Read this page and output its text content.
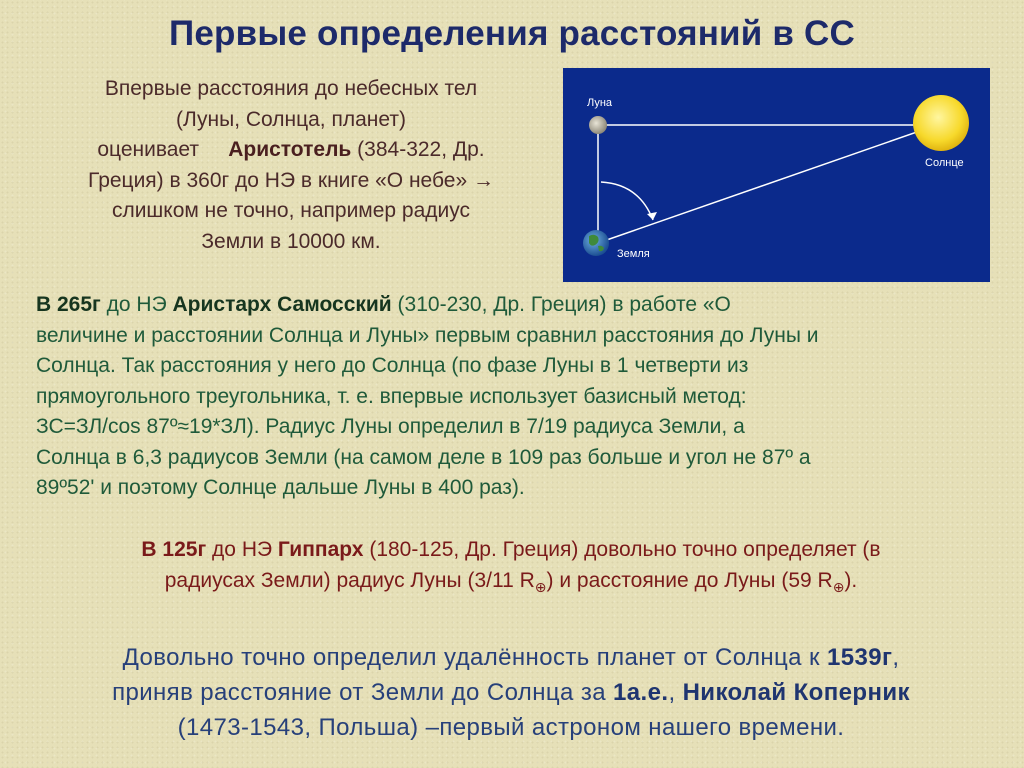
Первые определения расстояний в СС
Впервые расстояния до небесных тел
(Луны, Солнца, планет)
оценивает Аристотель (384-322, Др.
Греция) в 360г до НЭ в книге «О небе» →
слишком не точно, например радиус
Земли в 10000 км.
Луна
Солнце
Земля
В 265г до НЭ Аристарх Самосский (310-230, Др. Греция) в работе «О
величине и расстоянии Солнца и Луны» первым сравнил расстояния до Луны и
Солнца. Так расстояния у него до Солнца (по фазе Луны в 1 четверти из
прямоугольного треугольника, т. е. впервые использует базисный метод:
ЗС=ЗЛ/cos 87º≈19*ЗЛ). Радиус Луны определил в 7/19 радиуса Земли, а
Солнца в 6,3 радиусов Земли (на самом деле в 109 раз больше и угол не 87º а
89º52' и поэтому Солнце дальше Луны в 400 раз).
В 125г до НЭ Гиппарх (180-125, Др. Греция) довольно точно определяет (в
радиусах Земли) радиус Луны (3/11 $R_\oplus$) и расстояние до Луны (59 $R_\oplus$).
Довольно точно определил удалённость планет от Солнца к 1539г,
приняв расстояние от Земли до Солнца за 1а.е., Николай Коперник
(1473-1543, Польша) –первый астроном нашего времени.
